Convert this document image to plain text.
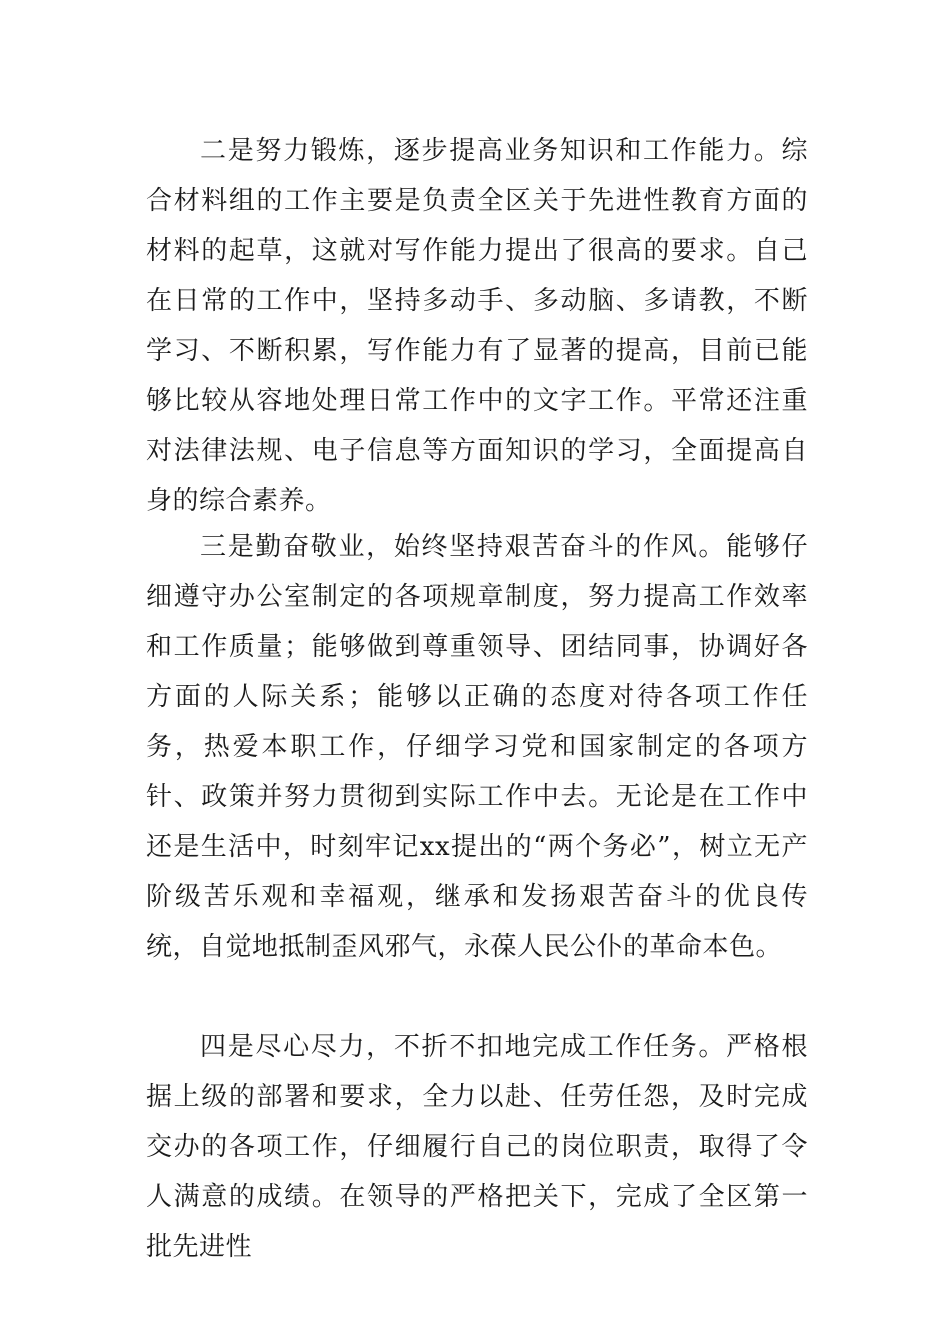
二是努力锻炼，逐步提高业务知识和工作能力。综合材料组的工作主要是负责全区关于先进性教育方面的材料的起草，这就对写作能力提出了很高的要求。自己在日常的工作中，坚持多动手、多动脑、多请教，不断学习、不断积累，写作能力有了显著的提高，目前已能够比较从容地处理日常工作中的文字工作。平常还注重对法律法规、电子信息等方面知识的学习，全面提高自身的综合素养。

三是勤奋敬业，始终坚持艰苦奋斗的作风。能够仔细遵守办公室制定的各项规章制度，努力提高工作效率和工作质量；能够做到尊重领导、团结同事，协调好各方面的人际关系；能够以正确的态度对待各项工作任务，热爱本职工作，仔细学习党和国家制定的各项方针、政策并努力贯彻到实际工作中去。无论是在工作中还是生活中，时刻牢记xx提出的“两个务必”，树立无产阶级苦乐观和幸福观，继承和发扬艰苦奋斗的优良传统，自觉地抵制歪风邪气，永葆人民公仆的革命本色。

四是尽心尽力，不折不扣地完成工作任务。严格根据上级的部署和要求，全力以赴、任劳任怨，及时完成交办的各项工作，仔细履行自己的岗位职责，取得了令人满意的成绩。在领导的严格把关下，完成了全区第一批先进性
